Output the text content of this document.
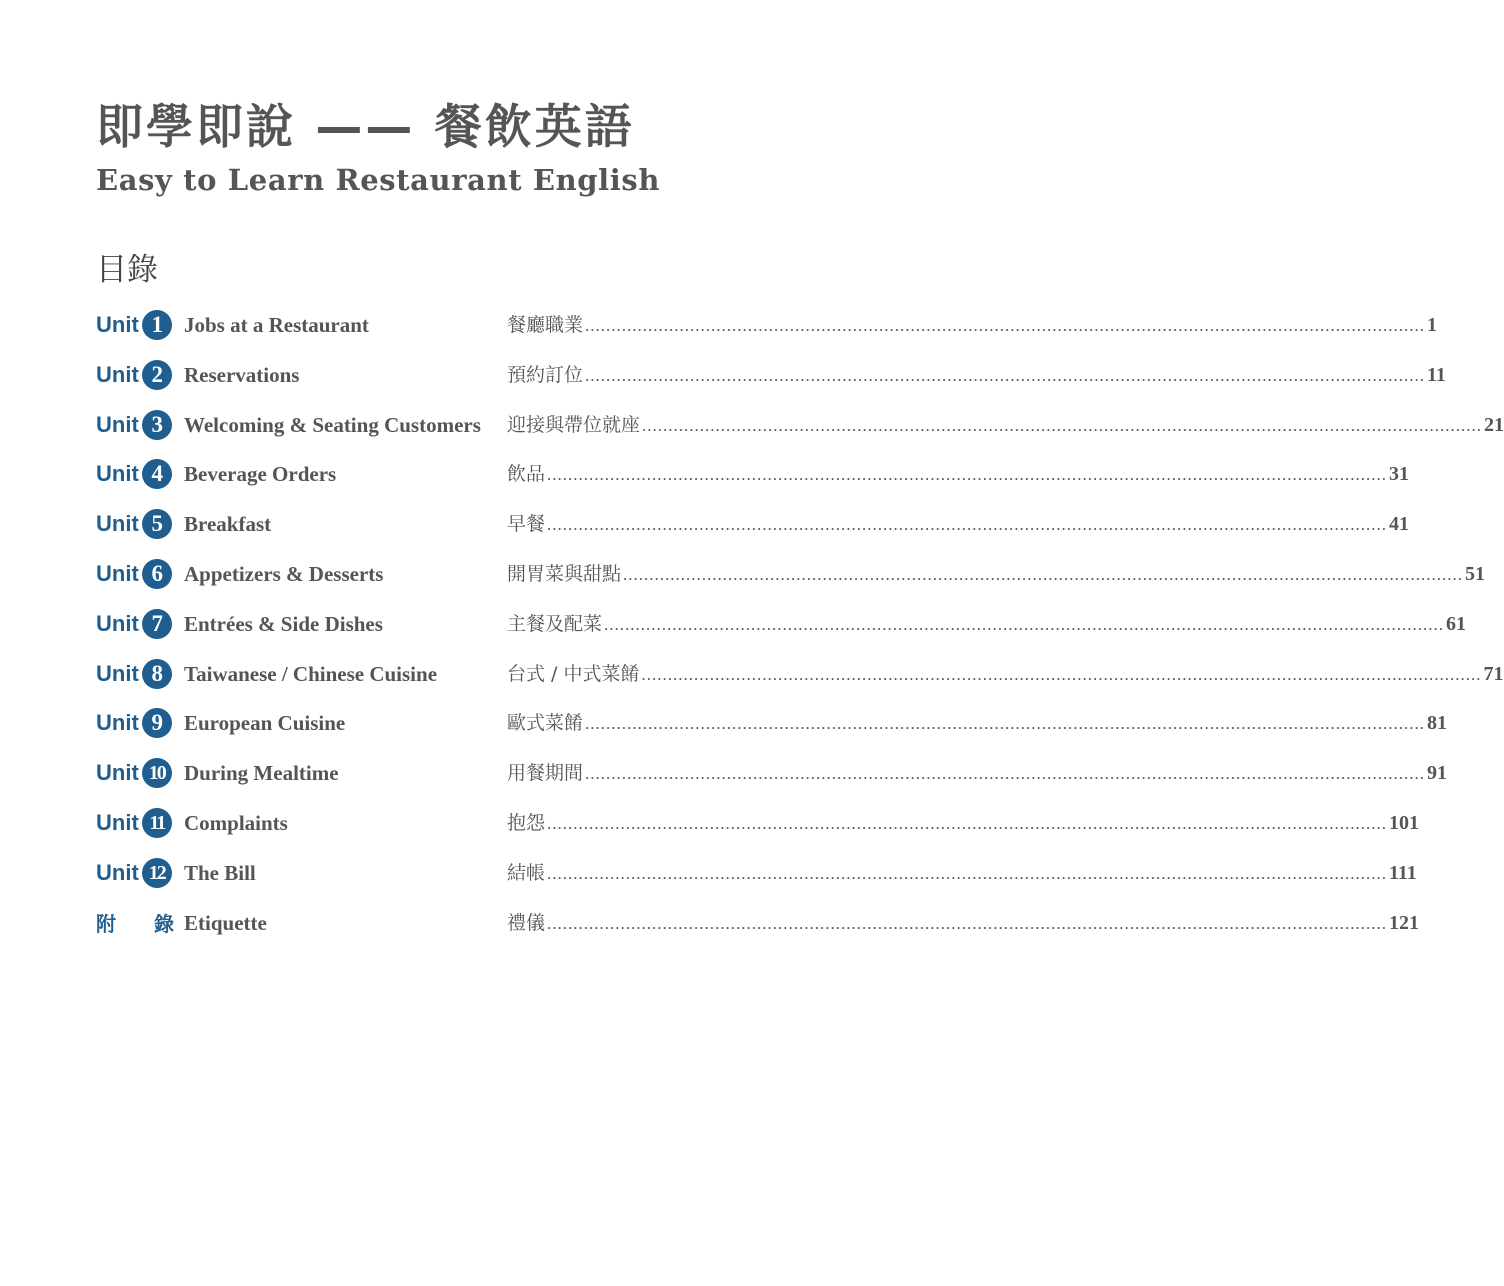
即學即說 —— 餐飲英語
Easy to Learn Restaurant English
目錄
Unit 1	Jobs at a Restaurant	餐廳職業 ................................................................................................................................................................ 1
Unit 2	Reservations	預約訂位 ................................................................................................................................................................ 11
Unit 3	Welcoming & Seating Customers 迎接與帶位就座 ................................................................................................................................................................ 21
Unit 4	Beverage Orders	飲品 ................................................................................................................................................................ 31
Unit 5	Breakfast	早餐 ................................................................................................................................................................ 41
Unit 6	Appetizers & Desserts	開胃菜與甜點 ................................................................................................................................................................ 51
Unit 7	Entrées & Side Dishes	主餐及配菜 ................................................................................................................................................................ 61
Unit 8	Taiwanese / Chinese Cuisine	台式 / 中式菜餚 ................................................................................................................................................................ 71
Unit 9	European Cuisine	歐式菜餚 ................................................................................................................................................................ 81
Unit 10 During Mealtime	用餐期間 ................................................................................................................................................................ 91
Unit 11 Complaints	抱怨 ................................................................................................................................................................ 101
Unit 12 The Bill	結帳 ................................................................................................................................................................ 111
附 錄 Etiquette	禮儀 ................................................................................................................................................................ 121
